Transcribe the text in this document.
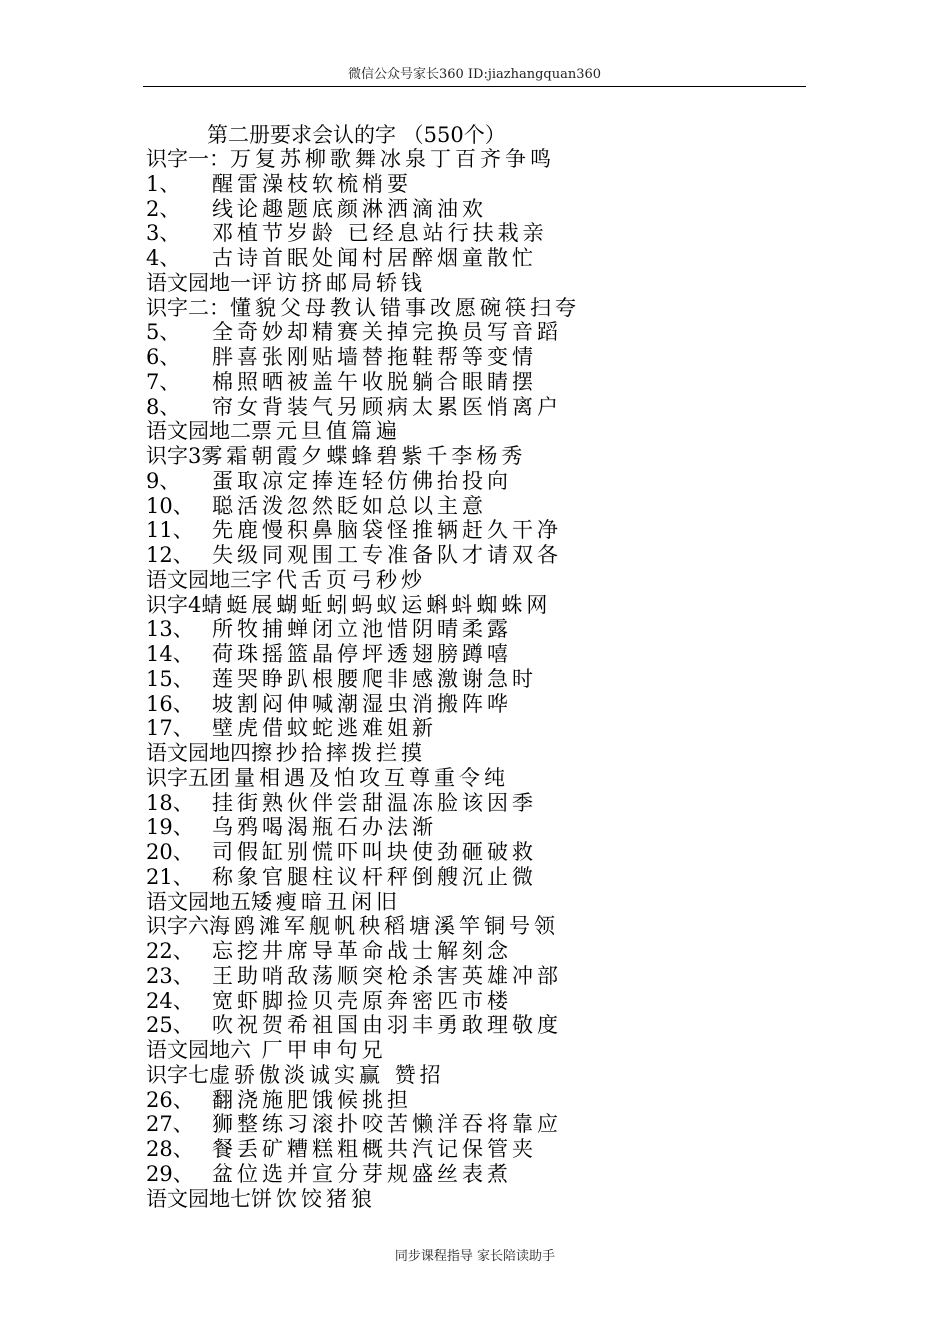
微信公众号家长360 ID:jiazhangquan360
第二册要求会认的字 （550个）
识字一：万复苏柳歌舞冰泉丁百齐争鸣
1、 醒雷澡枝软梳梢要
2、 线论趣题底颜淋洒滴油欢
3、 邓植节岁龄 已经息站行扶栽亲
4、 古诗首眠处闻村居醉烟童散忙
语文园地一评访挤邮局轿钱
识字二：懂貌父母教认错事改愿碗筷扫夸
5、 全奇妙却精赛关掉完换员写音蹈
6、 胖喜张刚贴墙替拖鞋帮等变情
7、 棉照晒被盖午收脱躺合眼睛摆
8、 帘女背装气另顾病太累医悄离户
语文园地二票元旦值篇遍
识字3雾霜朝霞夕蝶蜂碧紫千李杨秀
9、 蛋取凉定捧连轻仿佛抬投向
10、 聪活泼忽然眨如总以主意
11、 先鹿慢积鼻脑袋怪推辆赶久干净
12、 失级同观围工专准备队才请双各
语文园地三字代舌页弓秒炒
识字4蜻蜓展蝴蚯蚓蚂蚁运蝌蚪蜘蛛网
13、 所牧捕蝉闭立池惜阴晴柔露
14、 荷珠摇篮晶停坪透翅膀蹲嘻
15、 莲哭睁趴根腰爬非感激谢急时
16、 坡割闷伸喊潮湿虫消搬阵哗
17、 壁虎借蚊蛇逃难姐新
语文园地四擦抄拾摔拨拦摸
识字五团量相遇及怕攻互尊重令纯
18、 挂街熟伙伴尝甜温冻脸该因季
19、 乌鸦喝渴瓶石办法渐
20、 司假缸别慌吓叫块使劲砸破救
21、 称象官腿柱议杆秤倒艘沉止微
语文园地五矮瘦暗丑闲旧
识字六海鸥滩军舰帆秧稻塘溪竿铜号领
22、 忘挖井席导革命战士解刻念
23、 王助哨敌荡顺突枪杀害英雄冲部
24、 宽虾脚捡贝壳原奔密匹市楼
25、 吹祝贺希祖国由羽丰勇敢理敬度
语文园地六 厂甲申句兄
识字七虚骄傲淡诚实赢 赞招
26、 翻浇施肥饿候挑担
27、 狮整练习滚扑咬苦懒洋吞将靠应
28、 餐丢矿糟糕粗概共汽记保管夹
29、 盆位选并宣分芽规盛丝表煮
语文园地七饼饮饺猪狼
同步课程指导 家长陪读助手
